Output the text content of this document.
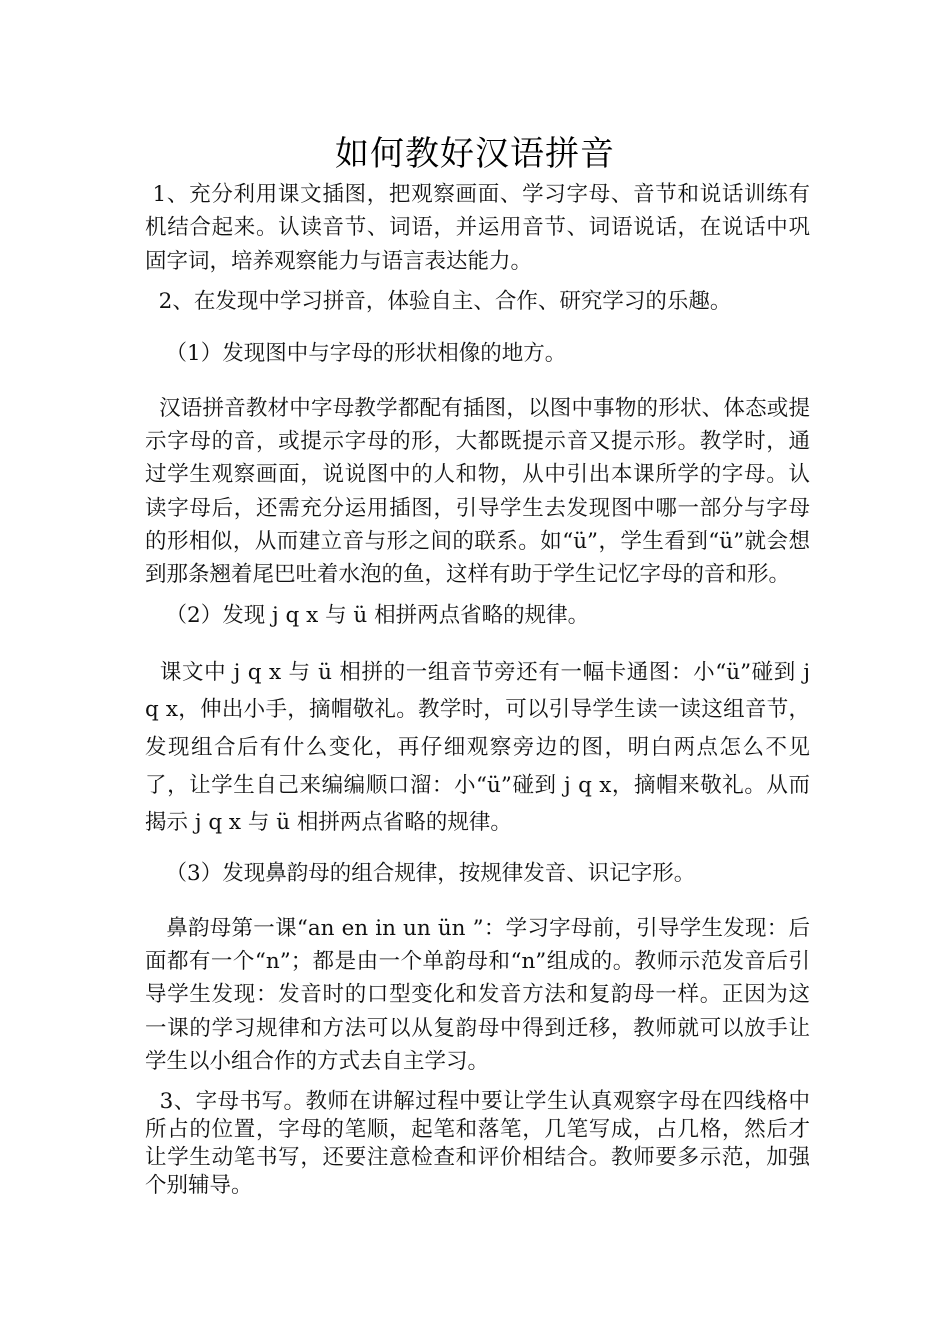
如何教好汉语拼音

1、充分利用课文插图，把观察画面、学习字母、音节和说话训练有机结合起来。认读音节、词语，并运用音节、词语说话，在说话中巩固字词，培养观察能力与语言表达能力。

2、在发现中学习拼音，体验自主、合作、研究学习的乐趣。

（1）发现图中与字母的形状相像的地方。

汉语拼音教材中字母教学都配有插图，以图中事物的形状、体态或提示字母的音，或提示字母的形，大都既提示音又提示形。教学时，通过学生观察画面，说说图中的人和物，从中引出本课所学的字母。认读字母后，还需充分运用插图，引导学生去发现图中哪一部分与字母的形相似，从而建立音与形之间的联系。如“ü”，学生看到“ü”就会想到那条翘着尾巴吐着水泡的鱼，这样有助于学生记忆字母的音和形。

（2）发现 j q x 与 ü 相拼两点省略的规律。

课文中 j q x 与 ü 相拼的一组音节旁还有一幅卡通图：小“ü”碰到 j q x，伸出小手，摘帽敬礼。教学时，可以引导学生读一读这组音节，发现组合后有什么变化，再仔细观察旁边的图，明白两点怎么不见了，让学生自己来编编顺口溜：小“ü”碰到 j q x，摘帽来敬礼。从而揭示 j q x 与 ü 相拼两点省略的规律。

（3）发现鼻韵母的组合规律，按规律发音、识记字形。

鼻韵母第一课“an en in un ün ”：学习字母前，引导学生发现：后面都有一个“n”；都是由一个单韵母和“n”组成的。教师示范发音后引导学生发现：发音时的口型变化和发音方法和复韵母一样。正因为这一课的学习规律和方法可以从复韵母中得到迁移，教师就可以放手让学生以小组合作的方式去自主学习。

3、字母书写。教师在讲解过程中要让学生认真观察字母在四线格中所占的位置，字母的笔顺，起笔和落笔，几笔写成，占几格，然后才让学生动笔书写，还要注意检查和评价相结合。教师要多示范，加强个别辅导。
